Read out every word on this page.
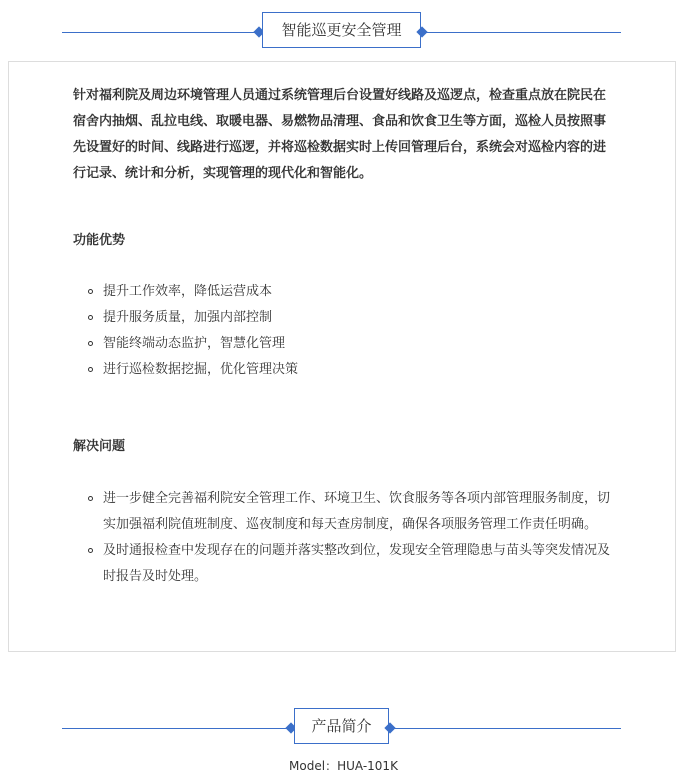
智能巡更安全管理

针对福利院及周边环境管理人员通过系统管理后台设置好线路及巡逻点，检查重点放在院民在宿舍内抽烟、乱拉电线、取暖电器、易燃物品清理、食品和饮食卫生等方面，巡检人员按照事先设置好的时间、线路进行巡逻，并将巡检数据实时上传回管理后台，系统会对巡检内容的进行记录、统计和分析，实现管理的现代化和智能化。

功能优势
提升工作效率，降低运营成本
提升服务质量，加强内部控制
智能终端动态监护，智慧化管理
进行巡检数据挖掘，优化管理决策
解决问题
进一步健全完善福利院安全管理工作、环境卫生、饮食服务等各项内部管理服务制度，切实加强福利院值班制度、巡夜制度和每天查房制度，确保各项服务管理工作责任明确。
及时通报检查中发现存在的问题并落实整改到位，发现安全管理隐患与苗头等突发情况及时报告及时处理。
产品简介
Model：HUA-101K
